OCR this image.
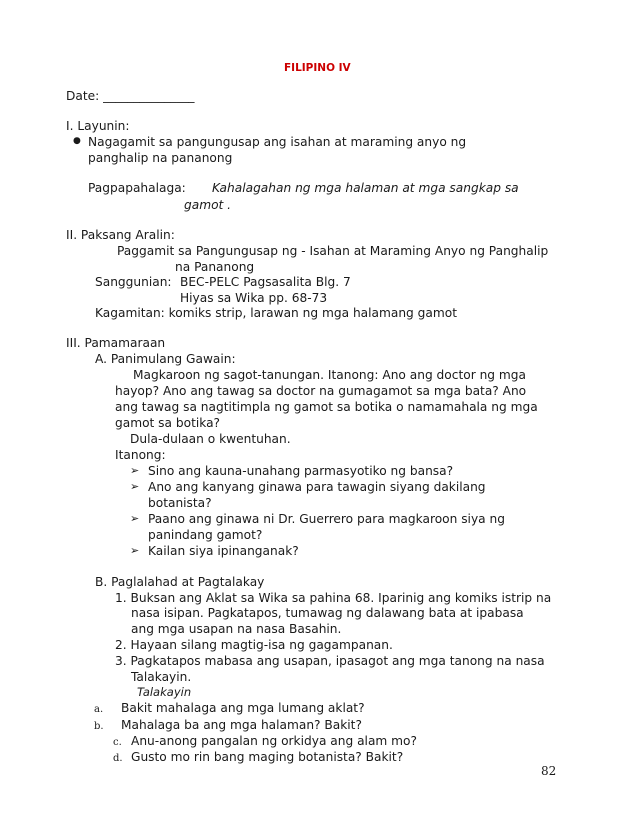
FILIPINO IV
Date: _______________
I. Layunin:
● Nagagamit sa pangungusap ang isahan at maraming anyo ng
panghalip na pananong
Pagpapahalaga: Kahalagahan ng mga halaman at mga sangkap sa
gamot .
II. Paksang Aralin:
Paggamit sa Pangungusap ng - Isahan at Maraming Anyo ng Panghalip
na Pananong
Sanggunian: BEC-PELC Pagsasalita Blg. 7
Hiyas sa Wika pp. 68-73
Kagamitan: komiks strip, larawan ng mga halamang gamot
III. Pamamaraan
A. Panimulang Gawain:
Magkaroon ng sagot-tanungan. Itanong: Ano ang doctor ng mga
hayop? Ano ang tawag sa doctor na gumagamot sa mga bata? Ano
ang tawag sa nagtitimpla ng gamot sa botika o namamahala ng mga
gamot sa botika?
Dula-dulaan o kwentuhan.
Itanong:
➢ Sino ang kauna-unahang parmasyotiko ng bansa?
➢ Ano ang kanyang ginawa para tawagin siyang dakilang
botanista?
➢ Paano ang ginawa ni Dr. Guerrero para magkaroon siya ng
panindang gamot?
➢ Kailan siya ipinanganak?
B. Paglalahad at Pagtalakay
1. Buksan ang Aklat sa Wika sa pahina 68. Iparinig ang komiks istrip na
nasa isipan. Pagkatapos, tumawag ng dalawang bata at ipabasa
ang mga usapan na nasa Basahin.
2. Hayaan silang magtig-isa ng gagampanan.
3. Pagkatapos mabasa ang usapan, ipasagot ang mga tanong na nasa
Talakayin.
Talakayin
a. Bakit mahalaga ang mga lumang aklat?
b. Mahalaga ba ang mga halaman? Bakit?
c. Anu-anong pangalan ng orkidya ang alam mo?
d. Gusto mo rin bang maging botanista? Bakit?
82
